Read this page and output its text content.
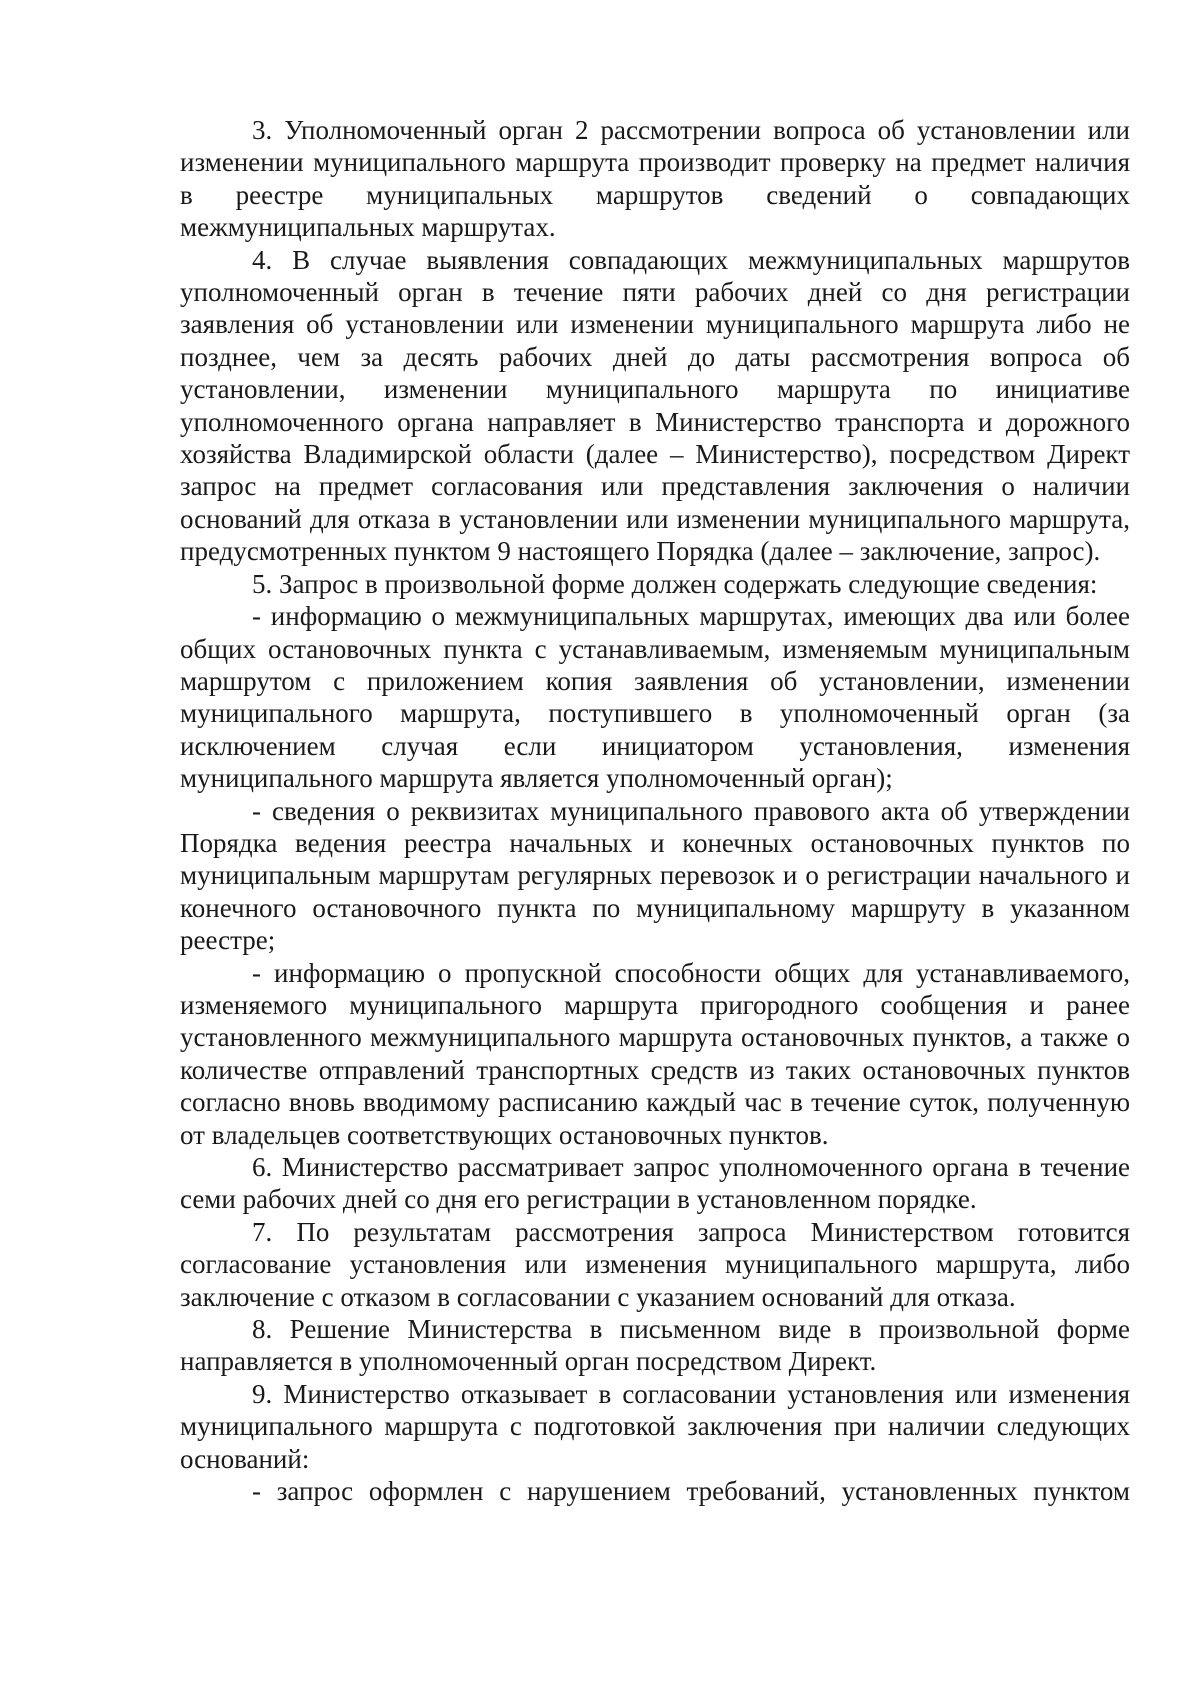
3. Уполномоченный орган 2 рассмотрении вопроса об установлении или изменении муниципального маршрута производит проверку на предмет наличия в реестре муниципальных маршрутов сведений о совпадающих межмуниципальных маршрутах.

4. В случае выявления совпадающих межмуниципальных маршрутов уполномоченный орган в течение пяти рабочих дней со дня регистрации заявления об установлении или изменении муниципального маршрута либо не позднее, чем за десять рабочих дней до даты рассмотрения вопроса об установлении, изменении муниципального маршрута по инициативе уполномоченного органа направляет в Министерство транспорта и дорожного хозяйства Владимирской области (далее – Министерство), посредством Директ запрос на предмет согласования или представления заключения о наличии оснований для отказа в установлении или изменении муниципального маршрута, предусмотренных пунктом 9 настоящего Порядка (далее – заключение, запрос).

5. Запрос в произвольной форме должен содержать следующие сведения:

- информацию о межмуниципальных маршрутах, имеющих два или более общих остановочных пункта с устанавливаемым, изменяемым муниципальным маршрутом с приложением копия заявления об установлении, изменении муниципального маршрута, поступившего в уполномоченный орган (за исключением случая если инициатором установления, изменения муниципального маршрута является уполномоченный орган);

- сведения о реквизитах муниципального правового акта об утверждении Порядка ведения реестра начальных и конечных остановочных пунктов по муниципальным маршрутам регулярных перевозок и о регистрации начального и конечного остановочного пункта по муниципальному маршруту в указанном реестре;

- информацию о пропускной способности общих для устанавливаемого, изменяемого муниципального маршрута пригородного сообщения и ранее установленного межмуниципального маршрута остановочных пунктов, а также о количестве отправлений транспортных средств из таких остановочных пунктов согласно вновь вводимому расписанию каждый час в течение суток, полученную от владельцев соответствующих остановочных пунктов.

6. Министерство рассматривает запрос уполномоченного органа в течение семи рабочих дней со дня его регистрации в установленном порядке.

7. По результатам рассмотрения запроса Министерством готовится согласование установления или изменения муниципального маршрута, либо заключение с отказом в согласовании с указанием оснований для отказа.

8. Решение Министерства в письменном виде в произвольной форме направляется в уполномоченный орган посредством Директ.

9. Министерство отказывает в согласовании установления или изменения муниципального маршрута с подготовкой заключения при наличии следующих оснований:

- запрос оформлен с нарушением требований, установленных пунктом
